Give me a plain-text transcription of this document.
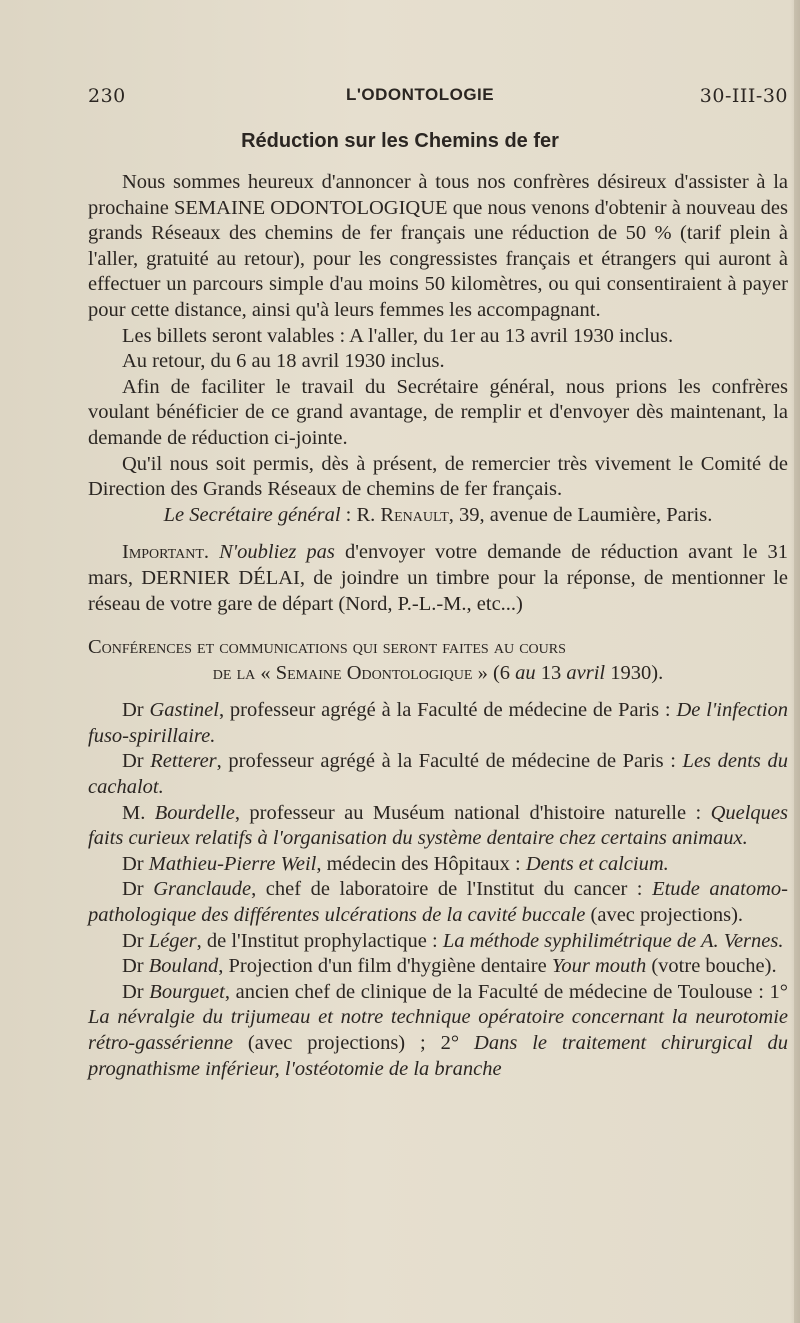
230	L'ODONTOLOGIE	30-III-30
Réduction sur les Chemins de fer

Nous sommes heureux d'annoncer à tous nos confrères désireux d'assister à la prochaine SEMAINE ODONTOLOGIQUE que nous venons d'obtenir à nouveau des grands Réseaux des chemins de fer français une réduction de 50 % (tarif plein à l'aller, gratuité au retour), pour les congressistes français et étrangers qui auront à effectuer un parcours simple d'au moins 50 kilomètres, ou qui consentiraient à payer pour cette distance, ainsi qu'à leurs femmes les accompagnant.

Les billets seront valables : A l'aller, du 1er au 13 avril 1930 inclus.

Au retour, du 6 au 18 avril 1930 inclus.

Afin de faciliter le travail du Secrétaire général, nous prions les confrères voulant bénéficier de ce grand avantage, de remplir et d'envoyer dès maintenant, la demande de réduction ci-jointe.

Qu'il nous soit permis, dès à présent, de remercier très vivement le Comité de Direction des Grands Réseaux de chemins de fer français.

Le Secrétaire général : R. Renault, 39, avenue de Laumière, Paris.

Important. N'oubliez pas d'envoyer votre demande de réduction avant le 31 mars, DERNIER DÉLAI, de joindre un timbre pour la réponse, de mentionner le réseau de votre gare de départ (Nord, P.-L.-M., etc...)

Conférences et communications qui seront faites au cours

de la « Semaine Odontologique » (6 au 13 avril 1930).

Dr Gastinel, professeur agrégé à la Faculté de médecine de Paris : De l'infection fuso-spirillaire.

Dr Retterer, professeur agrégé à la Faculté de médecine de Paris : Les dents du cachalot.

M. Bourdelle, professeur au Muséum national d'histoire naturelle : Quelques faits curieux relatifs à l'organisation du système dentaire chez certains animaux.

Dr Mathieu-Pierre Weil, médecin des Hôpitaux : Dents et calcium.

Dr Granclaude, chef de laboratoire de l'Institut du cancer : Etude anatomo-pathologique des différentes ulcérations de la cavité buccale (avec projections).

Dr Léger, de l'Institut prophylactique : La méthode syphilimétrique de A. Vernes.

Dr Bouland, Projection d'un film d'hygiène dentaire Your mouth (votre bouche).

Dr Bourguet, ancien chef de clinique de la Faculté de médecine de Toulouse : 1° La névralgie du trijumeau et notre technique opératoire concernant la neurotomie rétro-gassérienne (avec projections) ; 2° Dans le traitement chirurgical du prognathisme inférieur, l'ostéotomie de la branche
